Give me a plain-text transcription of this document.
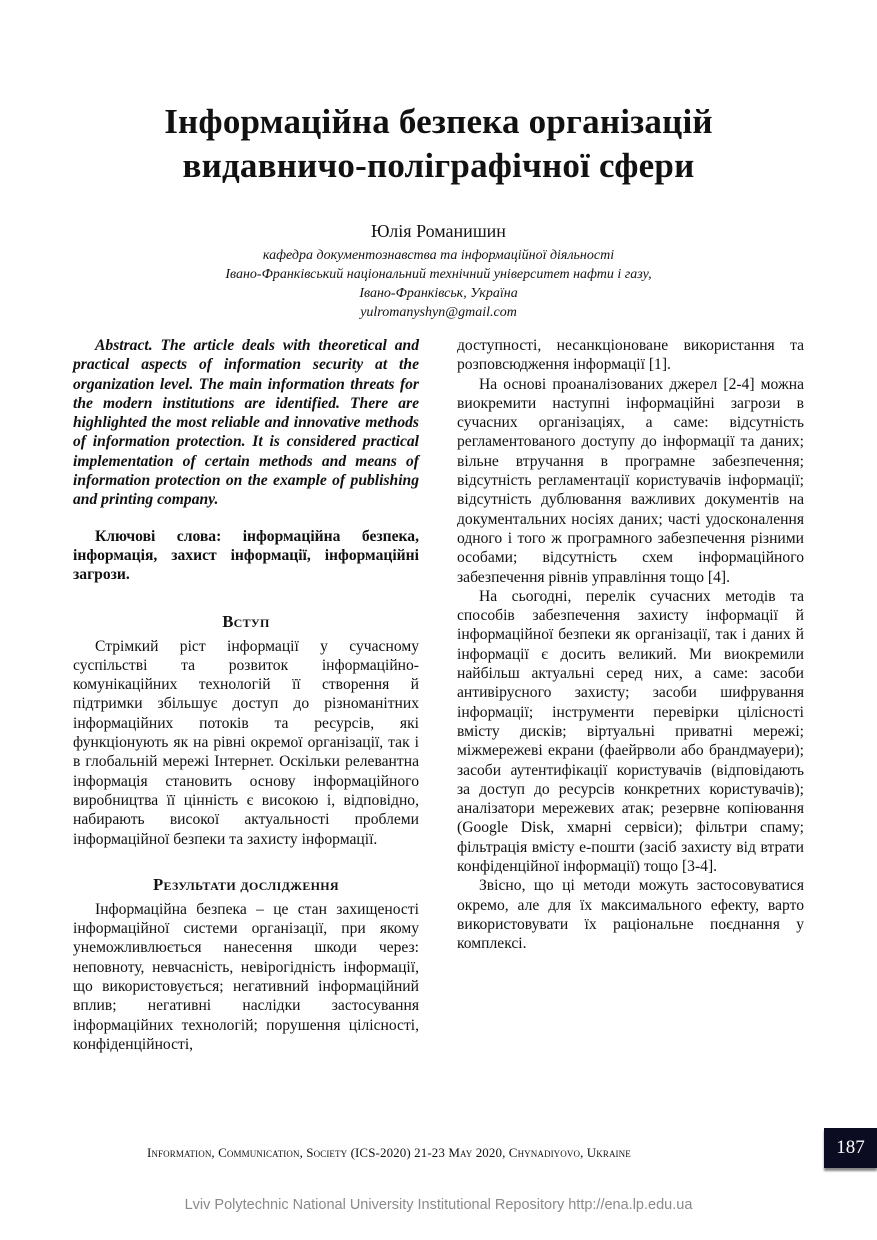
Інформаційна безпека організацій
видавничо-поліграфічної сфери
Юлія Романишин
кафедра документознавства та інформаційної діяльності
Івано-Франківський національний технічний університет нафти і газу,
Івано-Франківськ, Україна
yulromanyshyn@gmail.com

Abstract. The article deals with theoretical and practical aspects of information security at the organization level. The main information threats for the modern institutions are identified. There are highlighted the most reliable and innovative methods of information protection. It is considered practical implementation of certain methods and means of information protection on the example of publishing and printing company.

Ключові слова: інформаційна безпека, інформація, захист інформації, інформаційні загрози.

Вступ

Стрімкий ріст інформації у сучасному суспільстві та розвиток інформаційно-комунікаційних технологій її створення й підтримки збільшує доступ до різноманітних інформаційних потоків та ресурсів, які функціонують як на рівні окремої організації, так і в глобальній мережі Інтернет. Оскільки релевантна інформація становить основу інформаційного виробництва її цінність є високою і, відповідно, набирають високої актуальності проблеми інформаційної безпеки та захисту інформації.

Результати дослідження

Інформаційна безпека – це стан захищеності інформаційної системи організації, при якому унеможливлюється нанесення шкоди через: неповноту, невчасність, невірогідність інформації, що використовується; негативний інформаційний вплив; негативні наслідки застосування інформаційних технологій; порушення цілісності, конфіденційності,

доступності, несанкціоноване використання та розповсюдження інформації [1].

На основі проаналізованих джерел [2-4] можна виокремити наступні інформаційні загрози в сучасних організаціях, а саме: відсутність регламентованого доступу до інформації та даних; вільне втручання в програмне забезпечення; відсутність регламентації користувачів інформації; відсутність дублювання важливих документів на документальних носіях даних; часті удосконалення одного і того ж програмного забезпечення різними особами; відсутність схем інформаційного забезпечення рівнів управління тощо [4].

На сьогодні, перелік сучасних методів та способів забезпечення захисту інформації й інформаційної безпеки як організації, так і даних й інформації є досить великий. Ми виокремили найбільш актуальні серед них, а саме: засоби антивірусного захисту; засоби шифрування інформації; інструменти перевірки цілісності вмісту дисків; віртуальні приватні мережі; міжмережеві екрани (фаейрволи або брандмауери); засоби аутентифікації користувачів (відповідають за доступ до ресурсів конкретних користувачів); аналізатори мережевих атак; резервне копіювання (Google Disk, хмарні сервіси); фільтри спаму; фільтрація вмісту е-пошти (засіб захисту від втрати конфіденційної інформації) тощо [3-4].

Звісно, що ці методи можуть застосовуватися окремо, але для їх максимального ефекту, варто використовувати їх раціональне поєднання у комплексі.

Information, Communication, Society (ICS-2020) 21-23 May 2020, Chynadiyovo, Ukraine	187
Lviv Polytechnic National University Institutional Repository http://ena.lp.edu.ua
